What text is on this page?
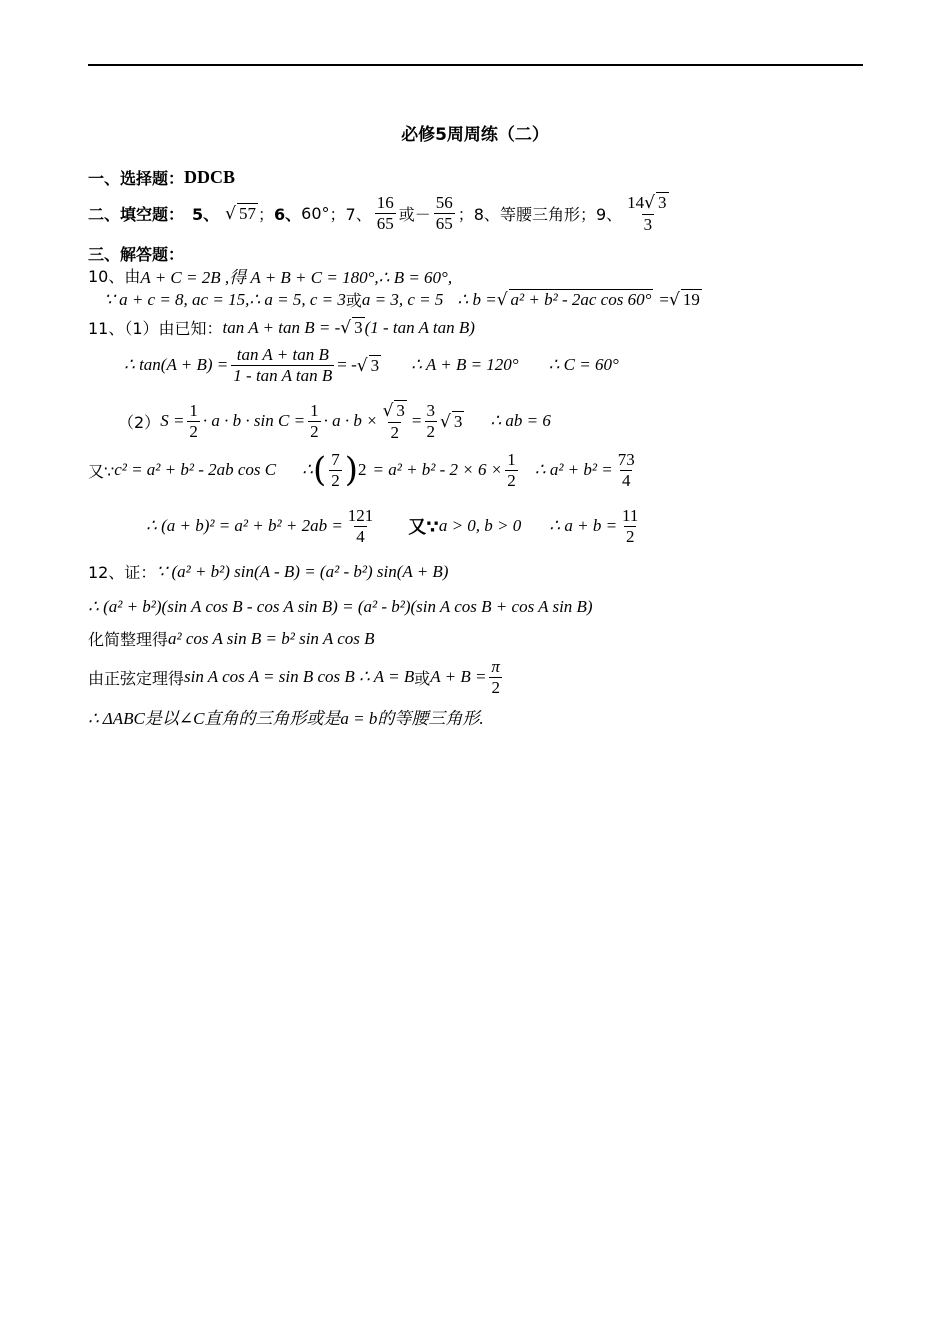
必修5周周练（二）
一、选择题： DDCB
二、填空题： 5、 √ 57 ； 6、 60° ； 7、 $\frac{16}{65}$ 或－ $\frac{56}{65}$ ； 8、 等腰三角形 ； 9、 $\frac{14√ 3}{3}$
三、解答题：
10、由 A + C = 2B ,得 A + B + C = 180°,∴ B = 60°,
∵ a + c = 8, ac = 15,∴ a = 5, c = 3 或 a = 3, c = 5 ∴ b = √ a² + b² - 2ac cos 60° = √ 19
11、（1）由已知： tan A + tan B = - √ 3 (1 - tan A tan B)
∴ $\tan(A + B) = \frac{\text{tan A + tan B}}{\text{1 - tan A tan B}}$ = - √ 3 ∴ A + B = 120° ∴ C = 60°
（2） $S = \frac{1}{2} \cdot a \cdot b \cdot \sin C = \frac{1}{2} \cdot a \cdot b \times \frac{√ 3}{2} = \frac{3}{2}$ √ 3 ∴ ab = 6
又∵ c² = a² + b² - 2ab cos C ∴ ( $\frac{7}{2}$ ) $2 = a^2 + b^2 - 2 \times 6 \times \frac{1}{2}$ ∴ $a^2 + b^2 = \frac{73}{4}$
∴ $(a + b)^2 = a^2 + b^2 + 2ab = \frac{121}{4}$ 又∵ a > 0, b > 0 ∴ $a + b = \frac{11}{2}$
12、证： ∵ (a² + b²) sin(A - B) = (a² - b²) sin(A + B)
∴ (a² + b²)(sin A cos B - cos A sin B) = (a² - b²)(sin A cos B + cos A sin B)
化简整理得 a² cos A sin B = b² sin A cos B
由正弦定理得 sin A cos A = sin B cos B ∴ A = B 或 $A + B = \frac{\pi}{2}$
∴ ΔABC是以∠C直角的三角形或是a = b的等腰三角形.
